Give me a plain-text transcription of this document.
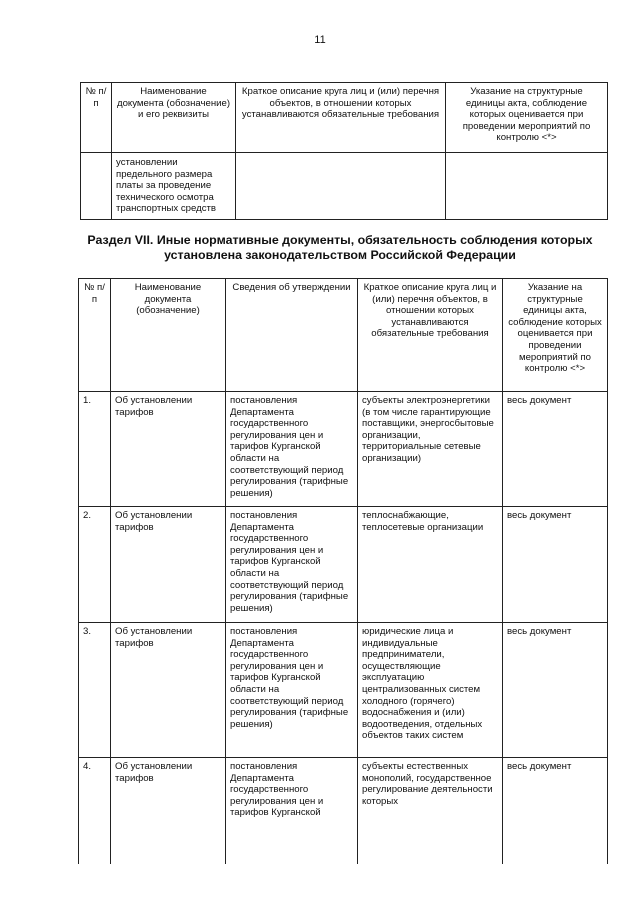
11
№ п/п	Наименование документа (обозначение) и его реквизиты	Краткое описание круга лиц и (или) перечня объектов, в отношении которых устанавливаются обязательные требования	Указание на структурные единицы акта, соблюдение которых оценивается при проведении мероприятий по контролю <*>
	установлении предельного размера платы за проведение технического осмотра транспортных средств		
Раздел VII. Иные нормативные документы, обязательность соблюдения которых установлена законодательством Российской Федерации
№ п/п	Наименование документа (обозначение)	Сведения об утверждении	Краткое описание круга лиц и (или) перечня объектов, в отношении которых устанавливаются обязательные требования	Указание на структурные единицы акта, соблюдение которых оценивается при проведении мероприятий по контролю <*>
1.	Об установлении тарифов	постановления Департамента государственного регулирования цен и тарифов Курганской области на соответствующий период регулирования (тарифные решения)	субъекты электроэнергетики (в том числе гарантирующие поставщики, энергосбытовые организации, территориальные сетевые организации)	весь документ
2.	Об установлении тарифов	постановления Департамента государственного регулирования цен и тарифов Курганской области на соответствующий период регулирования (тарифные решения)	теплоснабжающие, теплосетевые организации	весь документ
3.	Об установлении тарифов	постановления Департамента государственного регулирования цен и тарифов Курганской области на соответствующий период регулирования (тарифные решения)	юридические лица и индивидуальные предприниматели, осуществляющие эксплуатацию централизованных систем холодного (горячего) водоснабжения и (или) водоотведения, отдельных объектов таких систем	весь документ
4.	Об установлении тарифов	постановления Департамента государственного регулирования цен и тарифов Курганской	субъекты естественных монополий, государственное регулирование деятельности которых	весь документ
